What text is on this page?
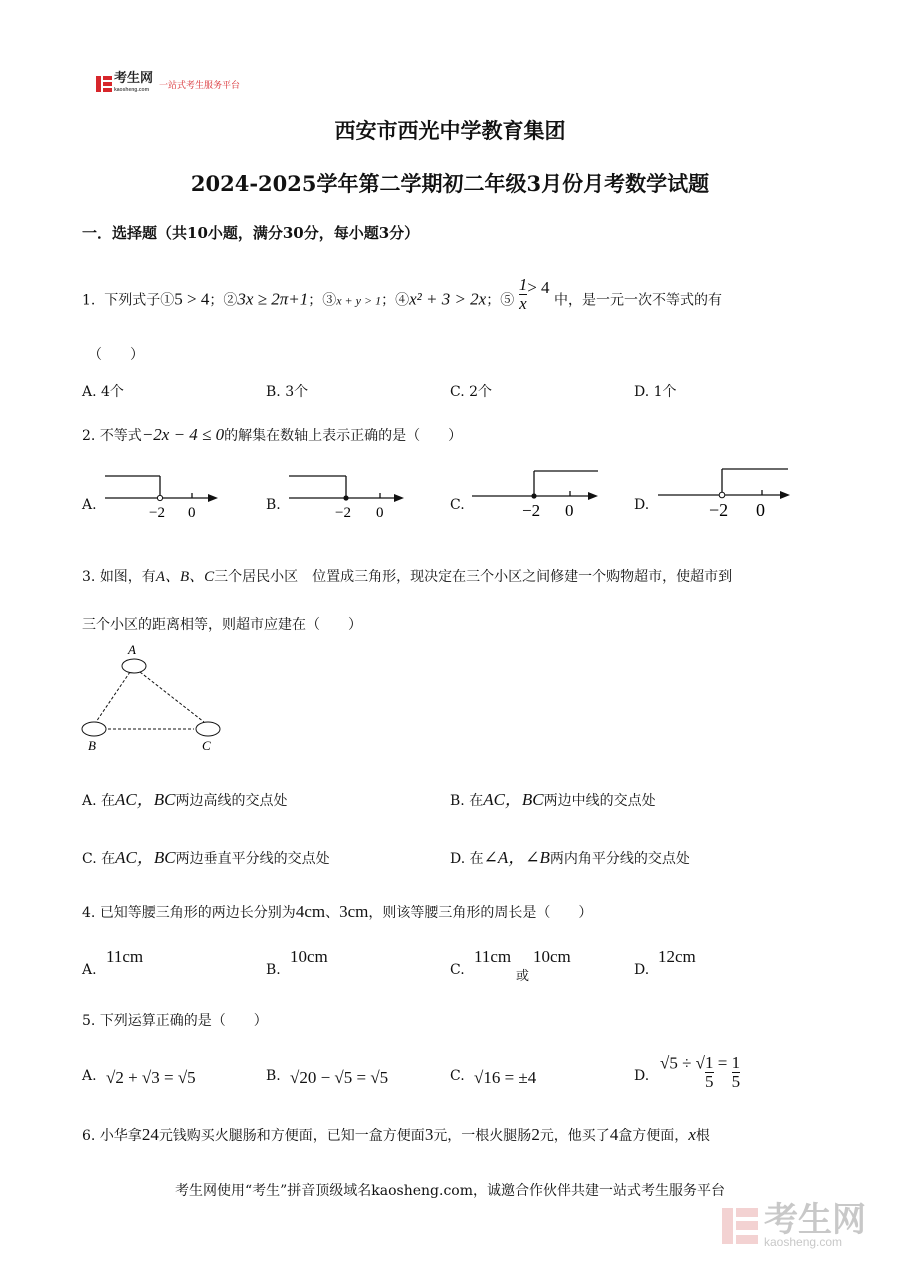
考生网
kaosheng.com
一站式考生服务平台
西安市西光中学教育集团
2024-2025学年第二学期初二年级3月份月考数学试题
一．选择题（共10小题，满分30分，每小题3分）
1. 下列式子①5 > 4；②3x ≥ 2π+1；③x + y > 1；④x² + 3 > 2x；⑤ $\frac{1}{x} > 4$ 中，是一元一次不等式的有
（　　）
A. 4个	B. 3个	C. 2个	D. 1个
2. 不等式−2x − 4 ≤ 0的解集在数轴上表示正确的是（　　）
A.	−2 0	B.	−2 0	C.	−2 0	D.	−2 0
3. 如图，有A、B、C三个居民小区　位置成三角形，现决定在三个小区之间修建一个购物超市，使超市到
三个小区的距离相等，则超市应建在（　　）
A
B	C
A. 在AC，BC两边高线的交点处	B. 在AC，BC两边中线的交点处
C. 在AC，BC两边垂直平分线的交点处	D. 在∠A，∠B两内角平分线的交点处
4. 已知等腰三角形的两边长分别为4cm、3cm，则该等腰三角形的周长是（　　）
A.
11cm
B.
10cm
C.
11cm
或
10cm
D.
12cm
5. 下列运算正确的是（　　）
A. √2 + √3 = √5	B. √20 − √5 = √5	C. √16 = ±4	D.
√5 ÷ √ $\frac{1}{5} = \frac{1}{5}$
6. 小华拿24元钱购买火腿肠和方便面，已知一盒方便面3元，一根火腿肠2元，他买了4盒方便面，x根
考生网使用“考生”拼音顶级域名kaosheng.com，诚邀合作伙伴共建一站式考生服务平台
考生网
kaosheng.com
